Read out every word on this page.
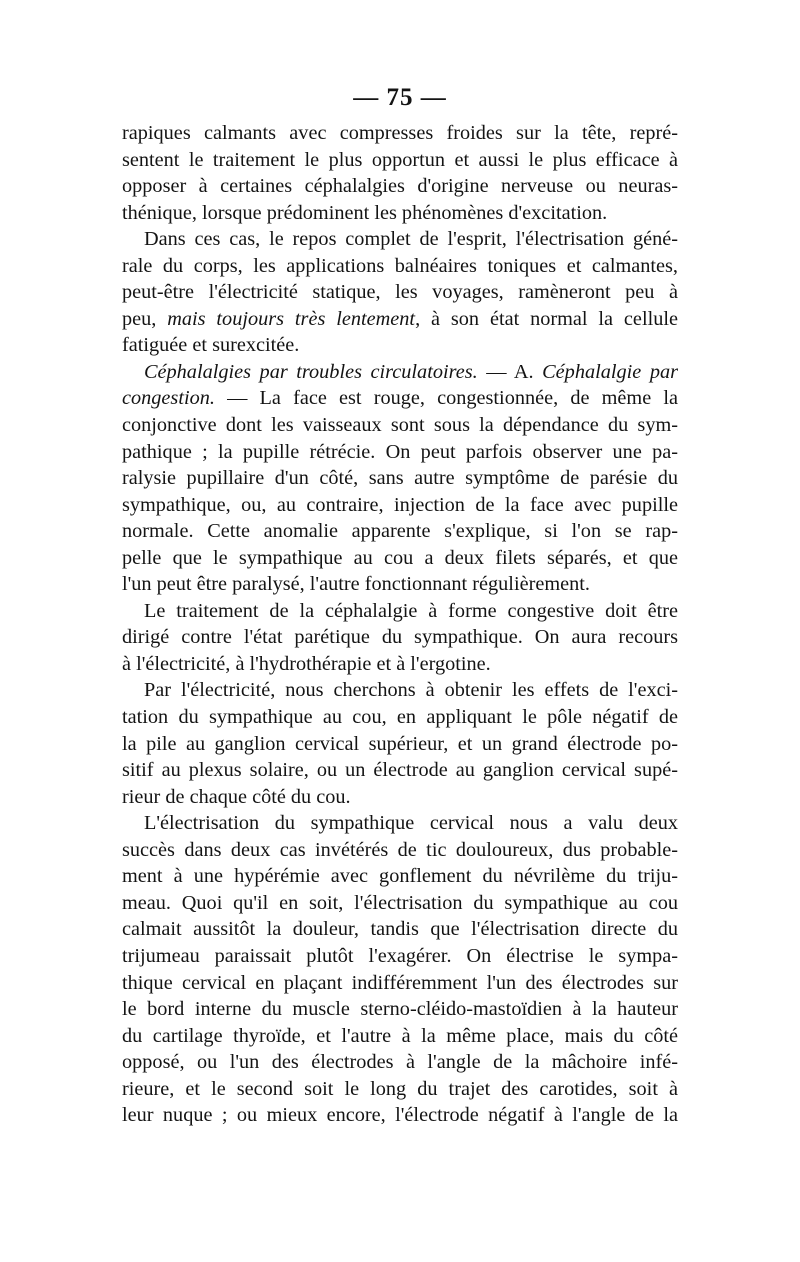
— 75 —
rapiques calmants avec compresses froides sur la tête, repré-
sentent le traitement le plus opportun et aussi le plus efficace à
opposer à certaines céphalalgies d'origine nerveuse ou neuras-
thénique, lorsque prédominent les phénomènes d'excitation.
Dans ces cas, le repos complet de l'esprit, l'électrisation géné-
rale du corps, les applications balnéaires toniques et calmantes,
peut-être l'électricité statique, les voyages, ramèneront peu à
peu, mais toujours très lentement, à son état normal la cellule
fatiguée et surexcitée.
Céphalalgies par troubles circulatoires. — A. Céphalalgie par
congestion. — La face est rouge, congestionnée, de même la
conjonctive dont les vaisseaux sont sous la dépendance du sym-
pathique ; la pupille rétrécie. On peut parfois observer une pa-
ralysie pupillaire d'un côté, sans autre symptôme de parésie du
sympathique, ou, au contraire, injection de la face avec pupille
normale. Cette anomalie apparente s'explique, si l'on se rap-
pelle que le sympathique au cou a deux filets séparés, et que
l'un peut être paralysé, l'autre fonctionnant régulièrement.
Le traitement de la céphalalgie à forme congestive doit être
dirigé contre l'état parétique du sympathique. On aura recours
à l'électricité, à l'hydrothérapie et à l'ergotine.
Par l'électricité, nous cherchons à obtenir les effets de l'exci-
tation du sympathique au cou, en appliquant le pôle négatif de
la pile au ganglion cervical supérieur, et un grand électrode po-
sitif au plexus solaire, ou un électrode au ganglion cervical supé-
rieur de chaque côté du cou.
L'électrisation du sympathique cervical nous a valu deux
succès dans deux cas invétérés de tic douloureux, dus probable-
ment à une hypérémie avec gonflement du névrilème du triju-
meau. Quoi qu'il en soit, l'électrisation du sympathique au cou
calmait aussitôt la douleur, tandis que l'électrisation directe du
trijumeau paraissait plutôt l'exagérer. On électrise le sympa-
thique cervical en plaçant indifféremment l'un des électrodes sur
le bord interne du muscle sterno-cléido-mastoïdien à la hauteur
du cartilage thyroïde, et l'autre à la même place, mais du côté
opposé, ou l'un des électrodes à l'angle de la mâchoire infé-
rieure, et le second soit le long du trajet des carotides, soit à
leur nuque ; ou mieux encore, l'électrode négatif à l'angle de la
